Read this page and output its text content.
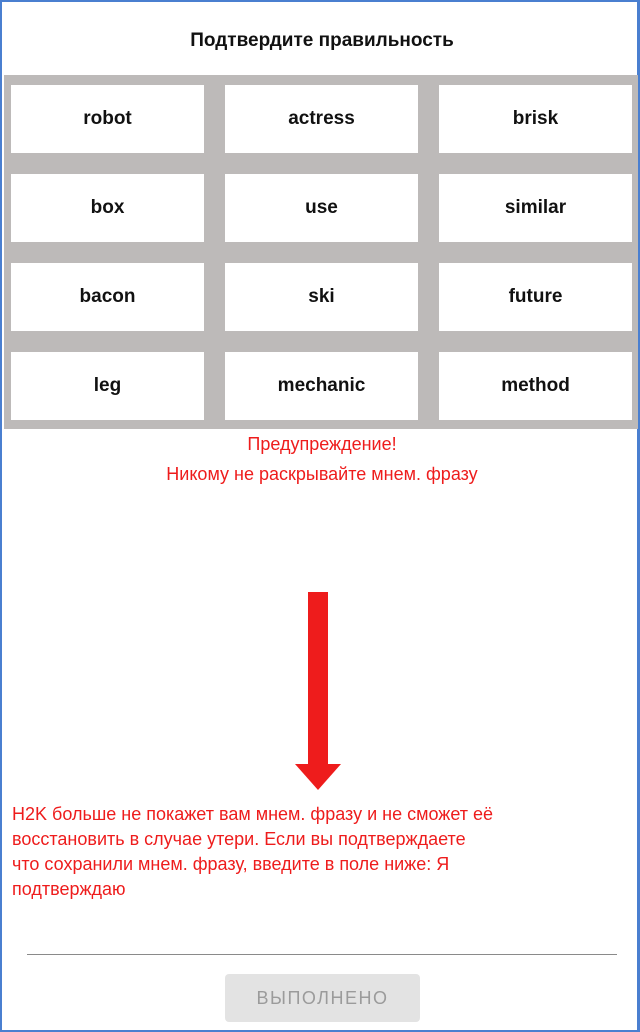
Подтвердите правильность
robot	actress	brisk
box	use	similar
bacon	ski	future
leg	mechanic	method
Предупреждение!
Никому не раскрывайте мнем. фразу
H2K больше не покажет вам мнем. фразу и не сможет её
восстановить в случае утери. Если вы подтверждаете
что сохранили мнем. фразу, введите в поле ниже: Я
подтверждаю
ВЫПОЛНЕНО
